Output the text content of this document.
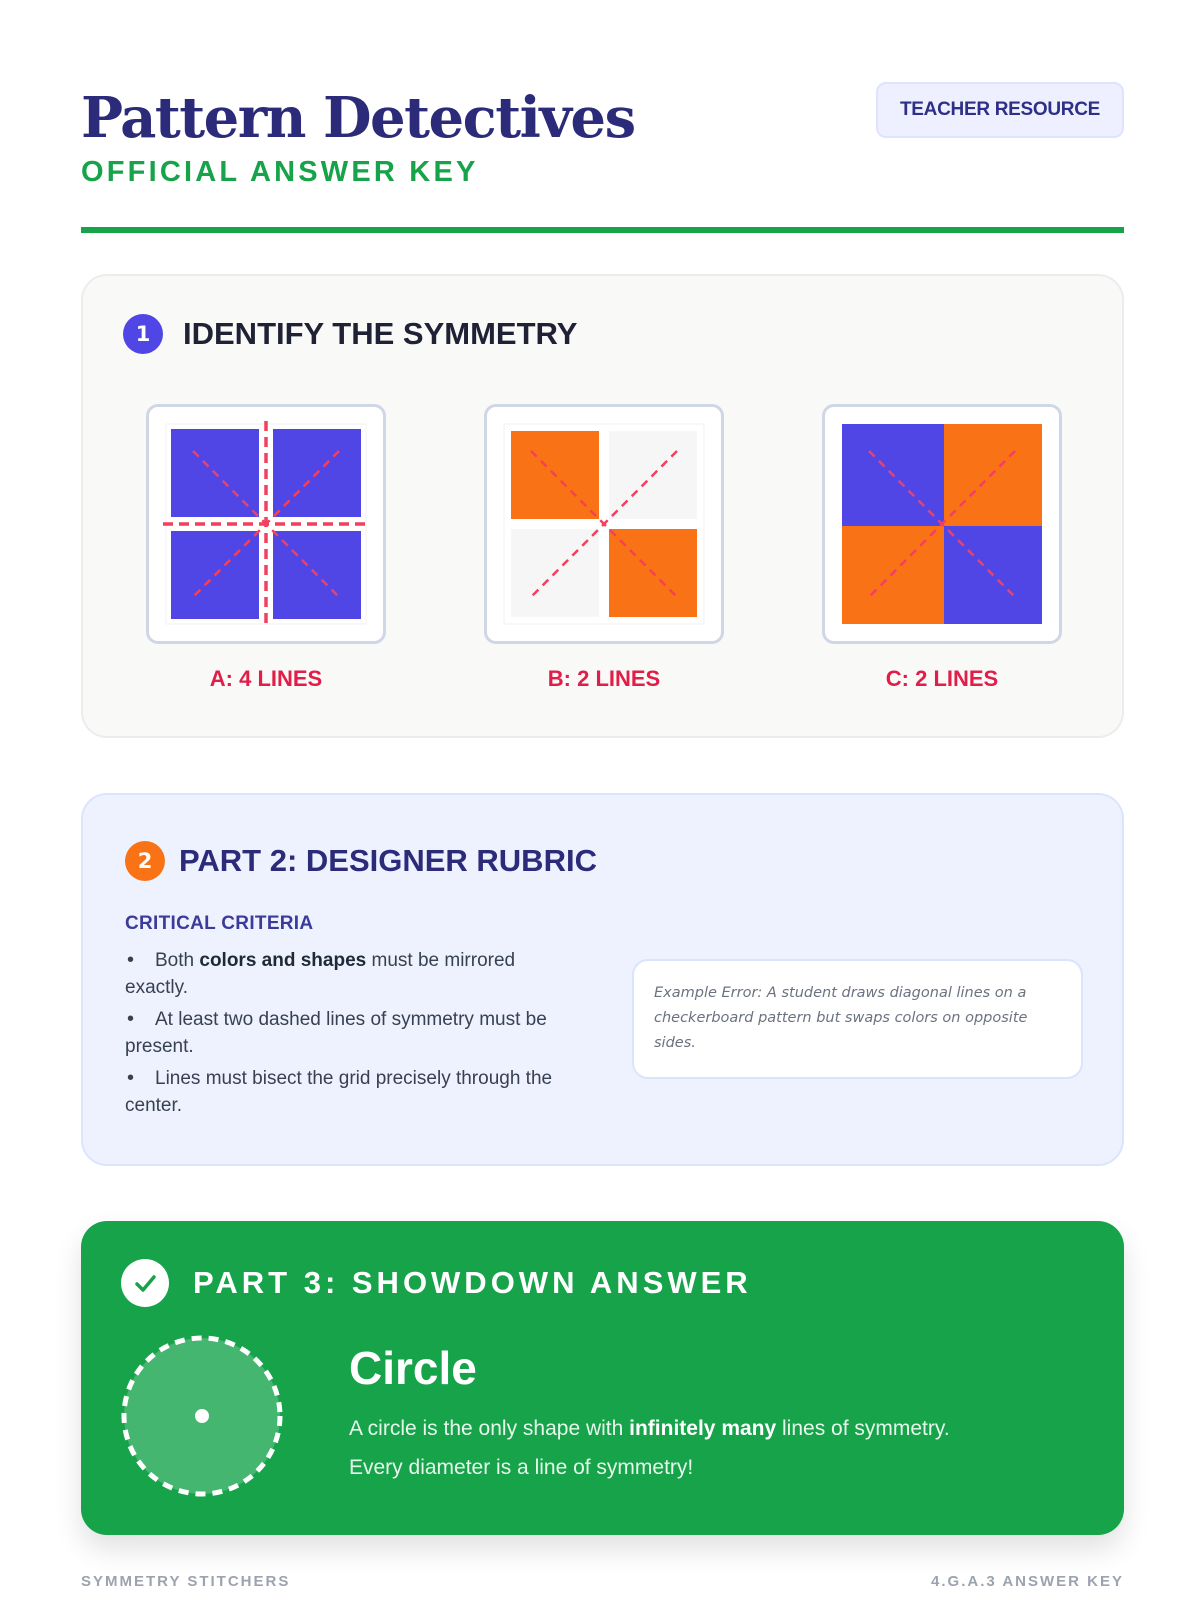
Pattern Detectives
OFFICIAL ANSWER KEY
TEACHER RESOURCE
1	IDENTIFY THE SYMMETRY
A: 4 LINES	B: 2 LINES	C: 2 LINES
2 PART 2: DESIGNER RUBRIC
CRITICAL CRITERIA
• Both colors and shapes must be mirrored exactly.
• At least two dashed lines of symmetry must be present.
• Lines must bisect the grid precisely through the center.
Example Error: A student draws diagonal lines on a checkerboard pattern but swaps colors on opposite sides.
PART 3: SHOWDOWN ANSWER
Circle
A circle is the only shape with infinitely many lines of symmetry.
Every diameter is a line of symmetry!
SYMMETRY STITCHERS	4.G.A.3 ANSWER KEY
